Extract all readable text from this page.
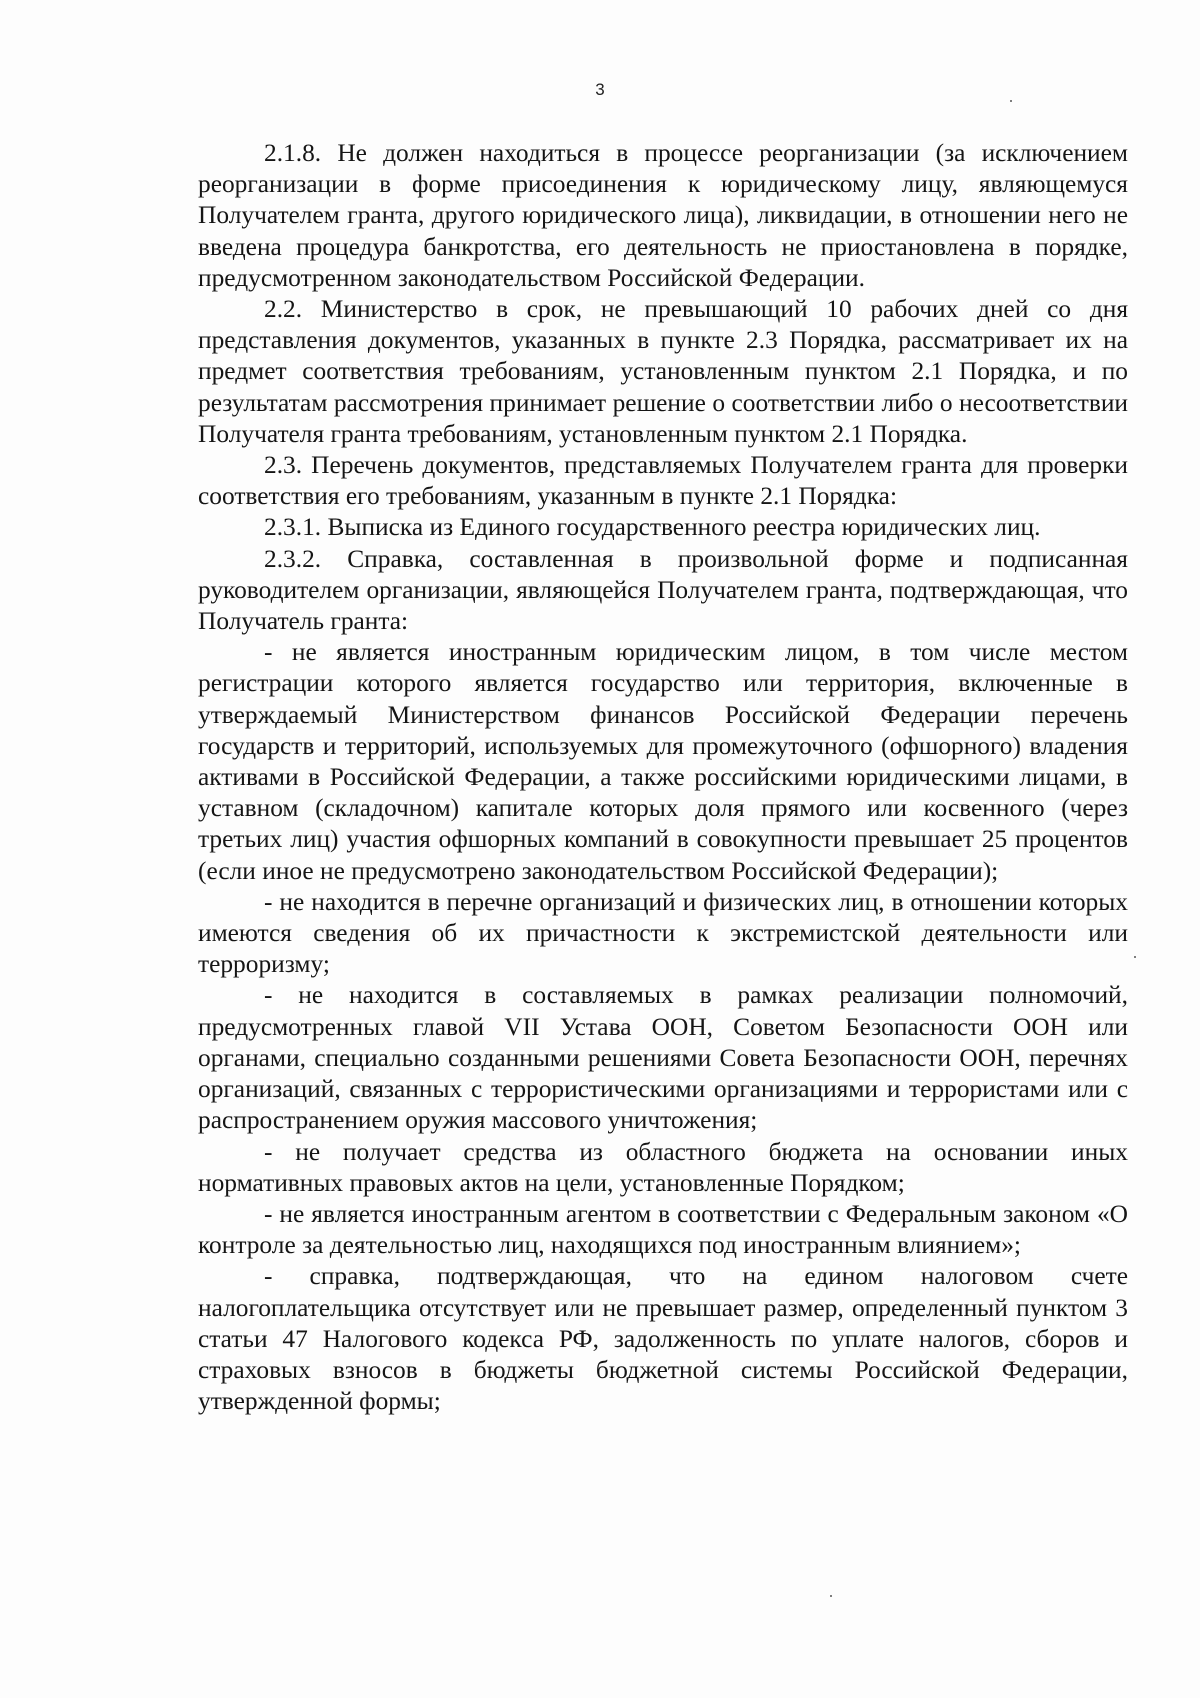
3

2.1.8. Не должен находиться в процессе реорганизации (за исключением реорганизации в форме присоединения к юридическому лицу, являющемуся Получателем гранта, другого юридического лица), ликвидации, в отношении него не введена процедура банкротства, его деятельность не приостановлена в порядке, предусмотренном законодательством Российской Федерации.

2.2. Министерство в срок, не превышающий 10 рабочих дней со дня представления документов, указанных в пункте 2.3 Порядка, рассматривает их на предмет соответствия требованиям, установленным пунктом 2.1 Порядка, и по результатам рассмотрения принимает решение о соответствии либо о несоответствии Получателя гранта требованиям, установленным пунктом 2.1 Порядка.

2.3. Перечень документов, представляемых Получателем гранта для проверки соответствия его требованиям, указанным в пункте 2.1 Порядка:

2.3.1. Выписка из Единого государственного реестра юридических лиц.

2.3.2. Справка, составленная в произвольной форме и подписанная руководителем организации, являющейся Получателем гранта, подтверждающая, что Получатель гранта:

- не является иностранным юридическим лицом, в том числе местом регистрации которого является государство или территория, включенные в утверждаемый Министерством финансов Российской Федерации перечень государств и территорий, используемых для промежуточного (офшорного) владения активами в Российской Федерации, а также российскими юридическими лицами, в уставном (складочном) капитале которых доля прямого или косвенного (через третьих лиц) участия офшорных компаний в совокупности превышает 25 процентов (если иное не предусмотрено законодательством Российской Федерации);

- не находится в перечне организаций и физических лиц, в отношении которых имеются сведения об их причастности к экстремистской деятельности или терроризму;

- не находится в составляемых в рамках реализации полномочий, предусмотренных главой VII Устава ООН, Советом Безопасности ООН или органами, специально созданными решениями Совета Безопасности ООН, перечнях организаций, связанных с террористическими организациями и террористами или с распространением оружия массового уничтожения;

- не получает средства из областного бюджета на основании иных нормативных правовых актов на цели, установленные Порядком;

- не является иностранным агентом в соответствии с Федеральным законом «О контроле за деятельностью лиц, находящихся под иностранным влиянием»;

- справка, подтверждающая, что на едином налоговом счете налогоплательщика отсутствует или не превышает размер, определенный пунктом 3 статьи 47 Налогового кодекса РФ, задолженность по уплате налогов, сборов и страховых взносов в бюджеты бюджетной системы Российской Федерации, утвержденной формы;
